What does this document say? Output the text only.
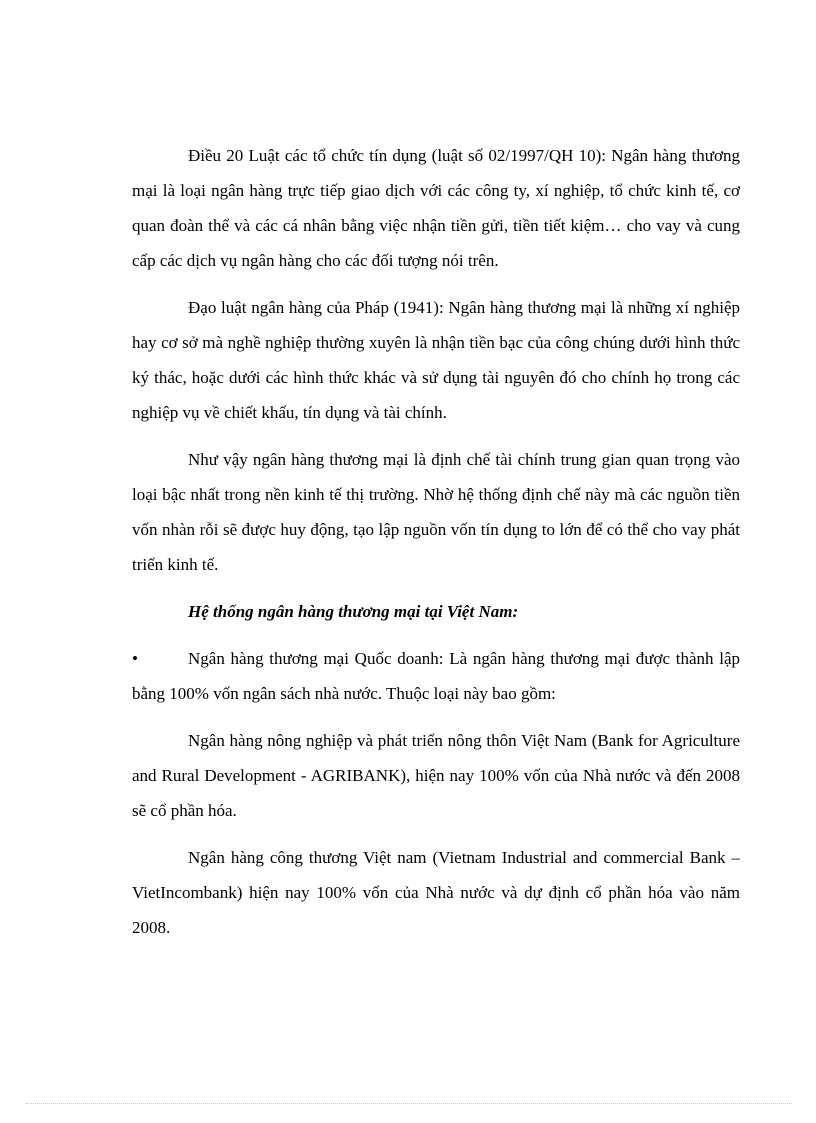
Điều 20 Luật các tổ chức tín dụng (luật số 02/1997/QH 10): Ngân hàng thương mại là loại ngân hàng trực tiếp giao dịch với các công ty, xí nghiệp, tổ chức kinh tế, cơ quan đoàn thể và các cá nhân bằng việc nhận tiền gửi, tiền tiết kiệm… cho vay và cung cấp các dịch vụ ngân hàng cho các đối tượng nói trên.

Đạo luật ngân hàng của Pháp (1941): Ngân hàng thương mại là những xí nghiệp hay cơ sở mà nghề nghiệp thường xuyên là nhận tiền bạc của công chúng dưới hình thức ký thác, hoặc dưới các hình thức khác và sử dụng tài nguyên đó cho chính họ trong các nghiệp vụ về chiết khấu, tín dụng và tài chính.

Như vậy ngân hàng thương mại là định chế tài chính trung gian quan trọng vào loại bậc nhất trong nền kinh tế thị trường. Nhờ hệ thống định chế này mà các nguồn tiền vốn nhàn rỗi sẽ được huy động, tạo lập nguồn vốn tín dụng to lớn để có thể cho vay phát triển kinh tế.

Hệ thống ngân hàng thương mại tại Việt Nam:

•	Ngân hàng thương mại Quốc doanh: Là ngân hàng thương mại được thành lập bằng 100% vốn ngân sách nhà nước. Thuộc loại này bao gồm:

Ngân hàng nông nghiệp và phát triển nông thôn Việt Nam (Bank for Agriculture and Rural Development - AGRIBANK), hiện nay 100% vốn của Nhà nước và đến 2008 sẽ cổ phần hóa.

Ngân hàng công thương Việt nam (Vietnam Industrial and commercial Bank – VietIncombank) hiện nay 100% vốn của Nhà nước và dự định cổ phần hóa vào năm 2008.
